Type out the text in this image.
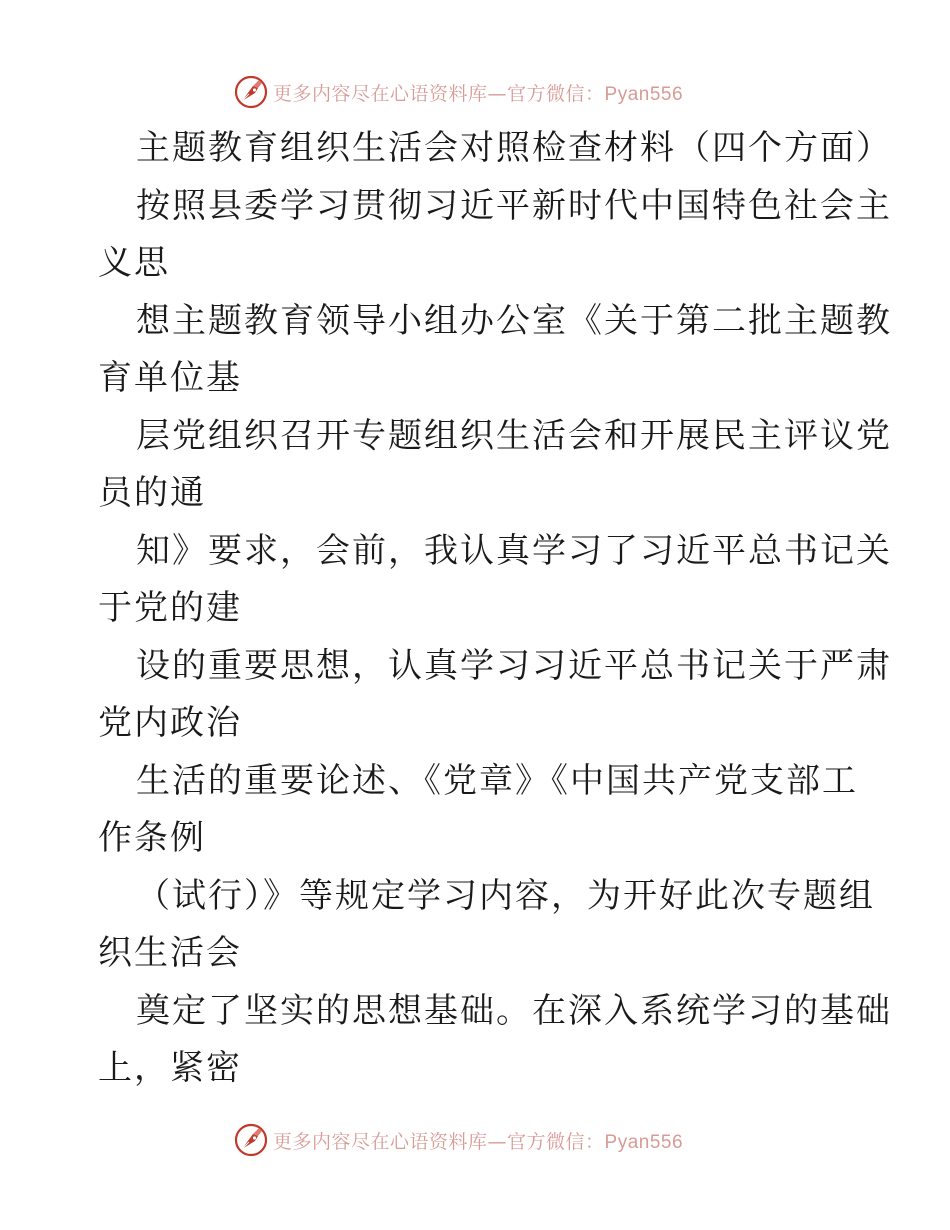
更多内容尽在心语资料库—官方微信：Pyan556
主题教育组织生活会对照检查材料（四个方面）
按照县委学习贯彻习近平新时代中国特色社会主
义思
想主题教育领导小组办公室《关于第二批主题教
育单位基
层党组织召开专题组织生活会和开展民主评议党
员的通
知》要求，会前，我认真学习了习近平总书记关
于党的建
设的重要思想，认真学习习近平总书记关于严肃
党内政治
生活的重要论述、《党章》《中国共产党支部工
作条例
（试行）》等规定学习内容，为开好此次专题组
织生活会
奠定了坚实的思想基础。在深入系统学习的基础
上，紧密
更多内容尽在心语资料库—官方微信：Pyan556
